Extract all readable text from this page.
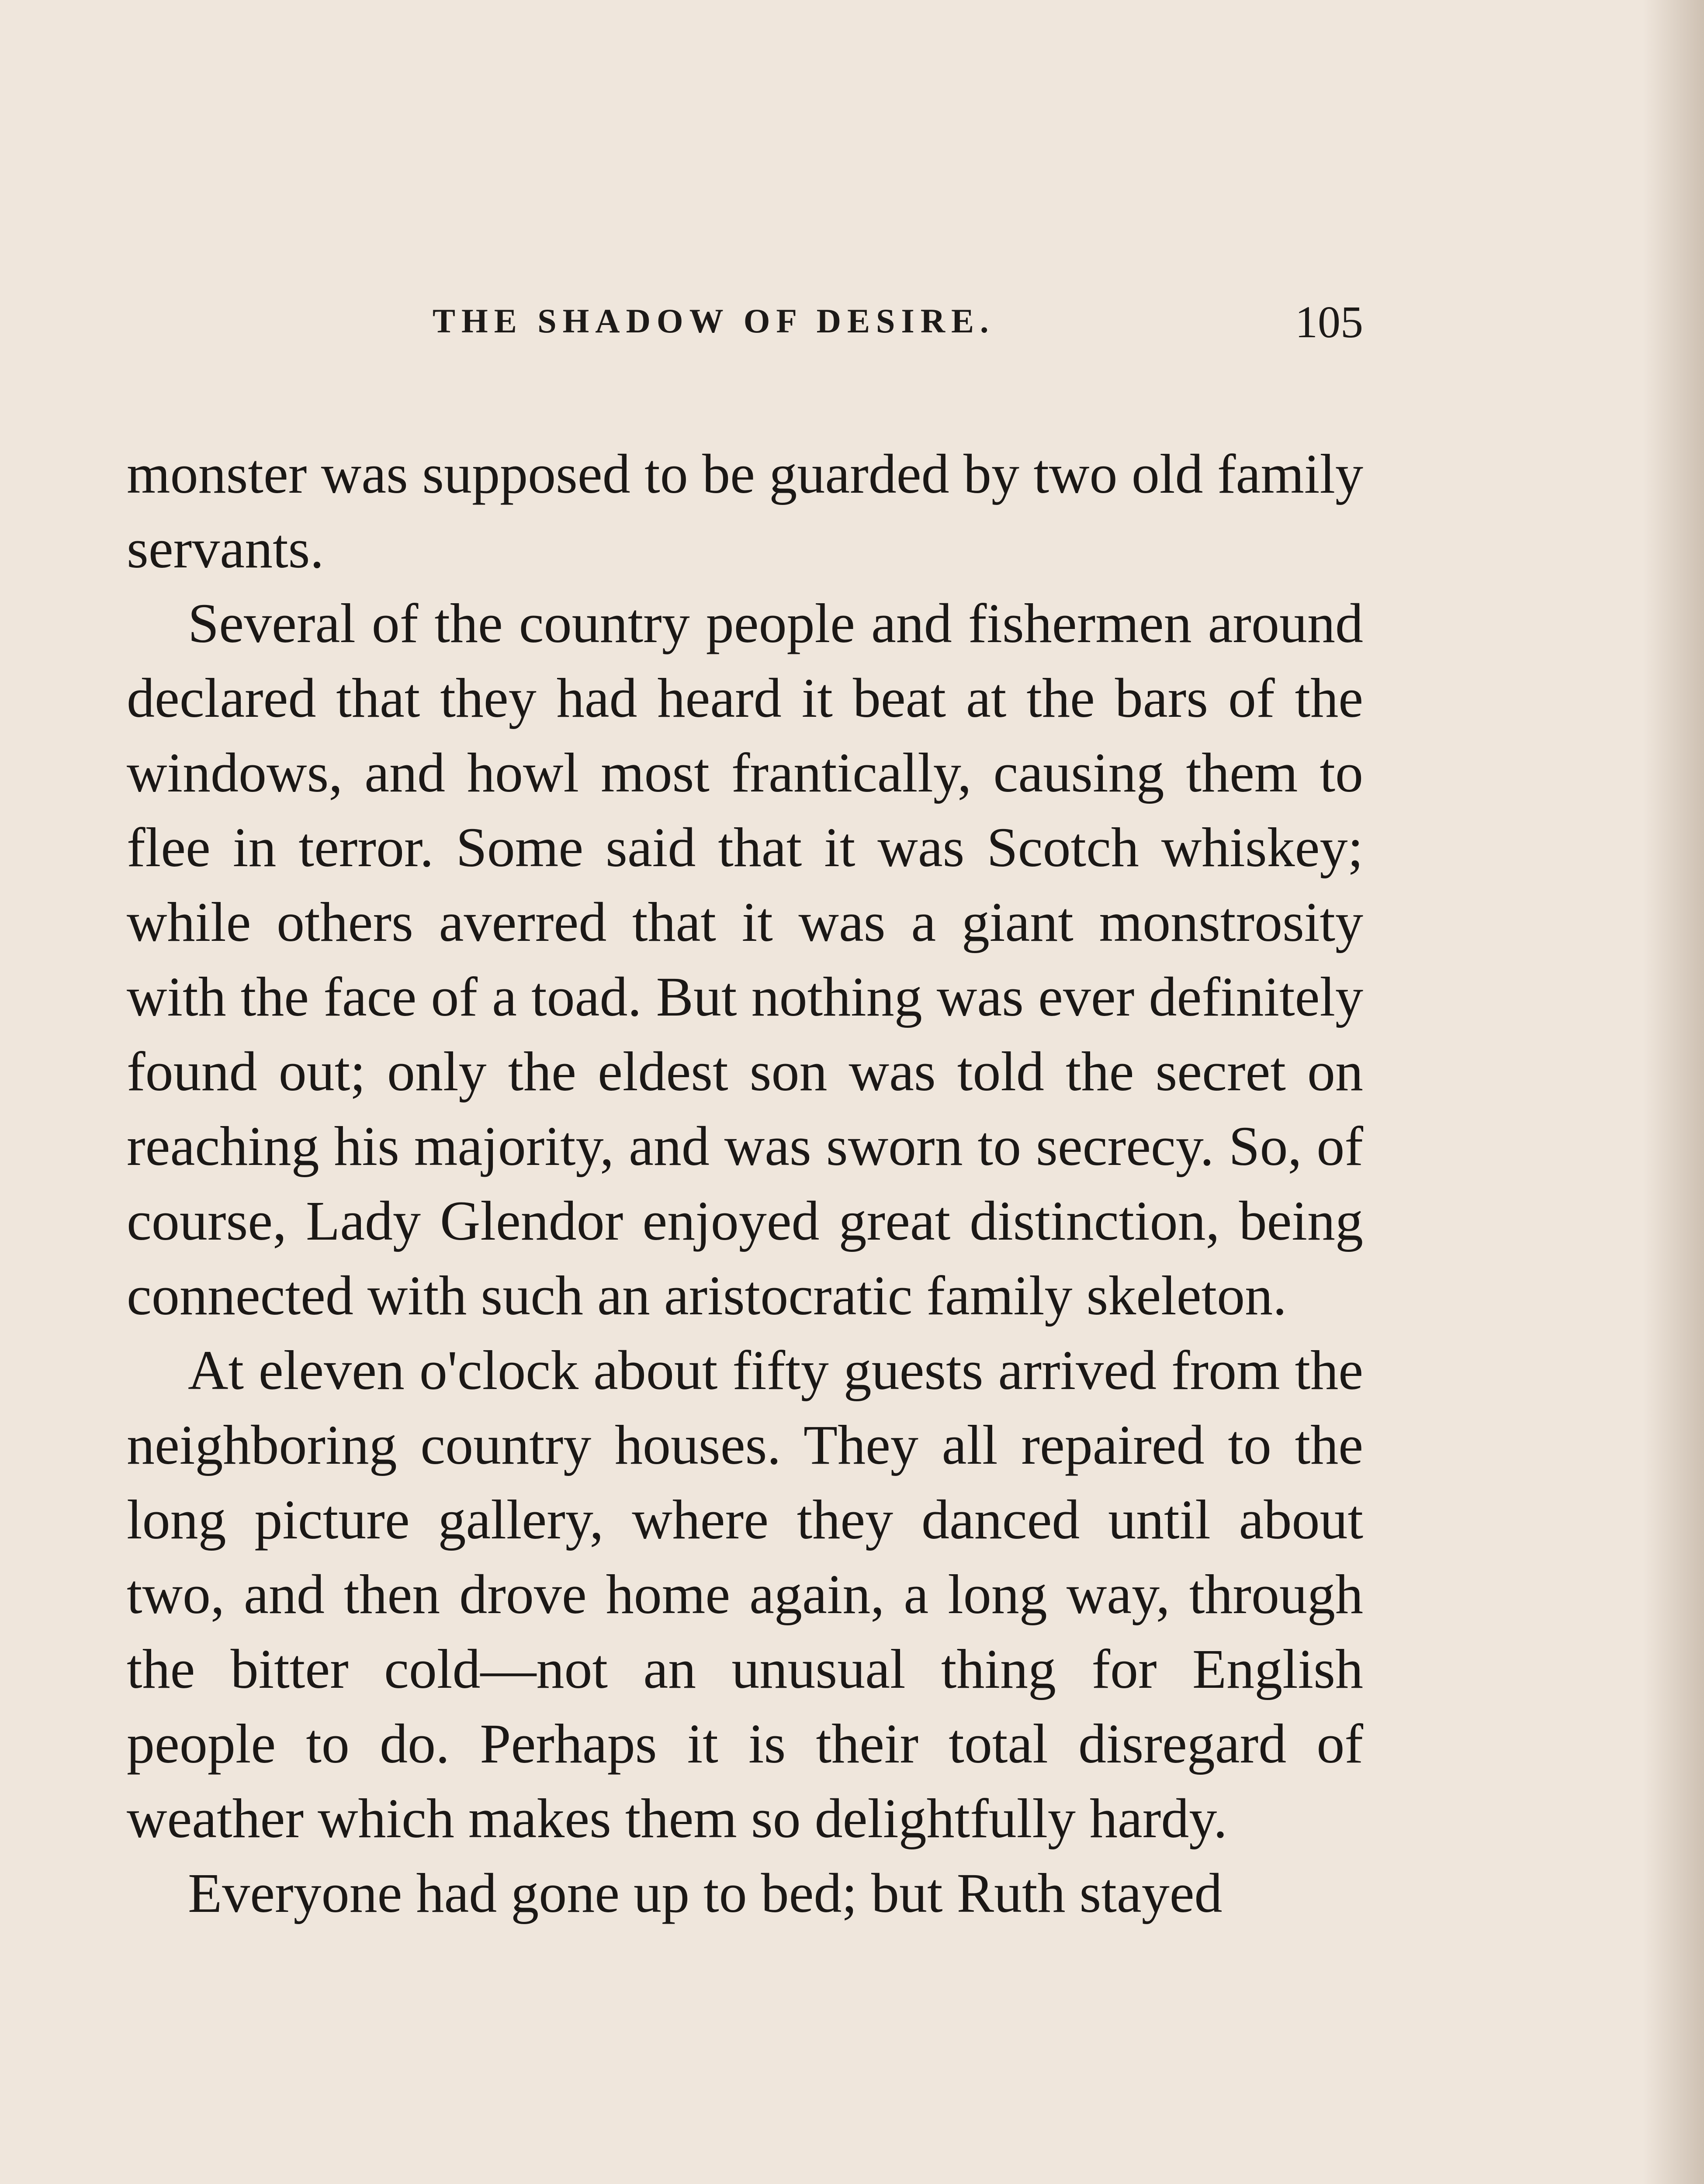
THE SHADOW OF DESIRE.	105

monster was supposed to be guarded by two old family servants.

Several of the country people and fishermen around declared that they had heard it beat at the bars of the windows, and howl most frantically, causing them to flee in terror. Some said that it was Scotch whiskey; while others averred that it was a giant monstrosity with the face of a toad. But nothing was ever definitely found out; only the eldest son was told the secret on reaching his majority, and was sworn to secrecy. So, of course, Lady Glendor enjoyed great distinction, being connected with such an aristocratic family skeleton.

At eleven o'clock about fifty guests arrived from the neighboring country houses. They all repaired to the long picture gallery, where they danced until about two, and then drove home again, a long way, through the bitter cold—not an unusual thing for English people to do. Perhaps it is their total disregard of weather which makes them so delightfully hardy.

Everyone had gone up to bed; but Ruth stayed
